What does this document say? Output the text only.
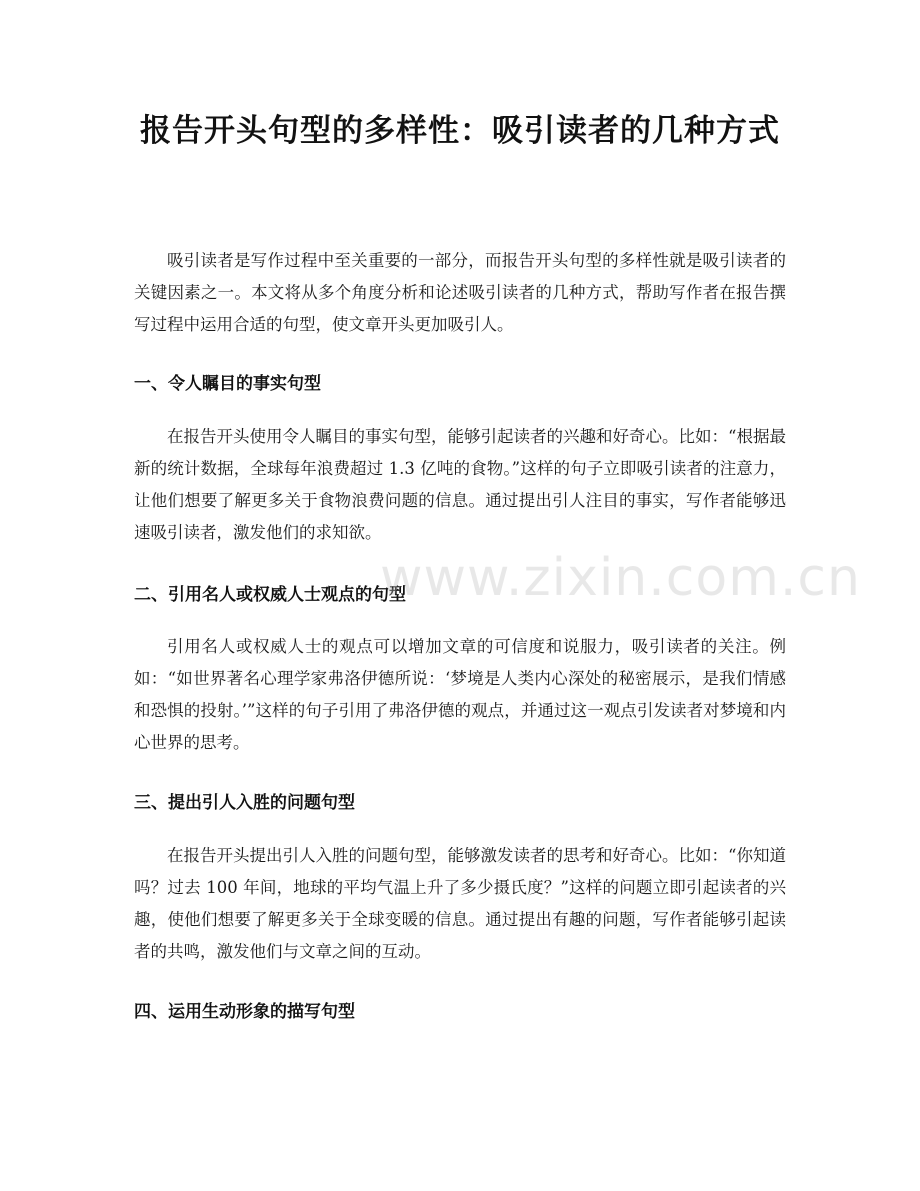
报告开头句型的多样性：吸引读者的几种方式

吸引读者是写作过程中至关重要的一部分，而报告开头句型的多样性就是吸引读者的关键因素之一。本文将从多个角度分析和论述吸引读者的几种方式，帮助写作者在报告撰写过程中运用合适的句型，使文章开头更加吸引人。

一、令人瞩目的事实句型

在报告开头使用令人瞩目的事实句型，能够引起读者的兴趣和好奇心。比如：“根据最新的统计数据，全球每年浪费超过 1.3 亿吨的食物。”这样的句子立即吸引读者的注意力，让他们想要了解更多关于食物浪费问题的信息。通过提出引人注目的事实，写作者能够迅速吸引读者，激发他们的求知欲。

二、引用名人或权威人士观点的句型

引用名人或权威人士的观点可以增加文章的可信度和说服力，吸引读者的关注。例如：“如世界著名心理学家弗洛伊德所说：‘梦境是人类内心深处的秘密展示，是我们情感和恐惧的投射。’”这样的句子引用了弗洛伊德的观点，并通过这一观点引发读者对梦境和内心世界的思考。

三、提出引人入胜的问题句型

在报告开头提出引人入胜的问题句型，能够激发读者的思考和好奇心。比如：“你知道吗？过去 100 年间，地球的平均气温上升了多少摄氏度？”这样的问题立即引起读者的兴趣，使他们想要了解更多关于全球变暖的信息。通过提出有趣的问题，写作者能够引起读者的共鸣，激发他们与文章之间的互动。

四、运用生动形象的描写句型
www.zixin.com.cn
